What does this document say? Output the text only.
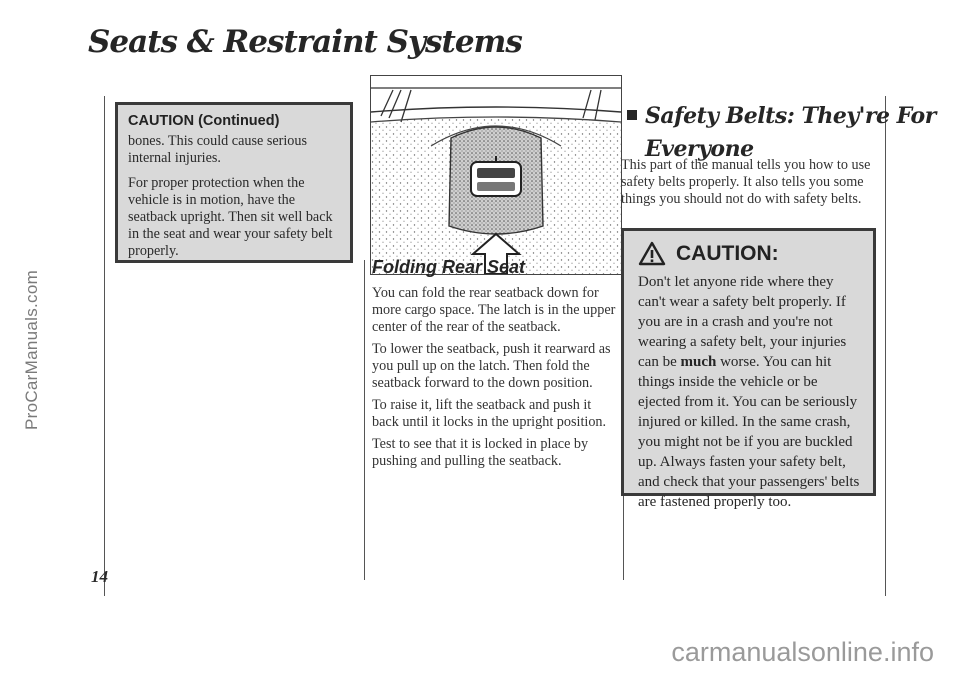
Seats & Restraint Systems
ProCarManuals.com
14
CAUTION (Continued)

bones. This could cause serious internal injuries.

For proper protection when the vehicle is in motion, have the seatback upright. Then sit well back in the seat and wear your safety belt properly.

Folding Rear Seat

You can fold the rear seatback down for more cargo space. The latch is in the upper center of the rear of the seatback.

To lower the seatback, push it rearward as you pull up on the latch. Then fold the seatback forward to the down position.

To raise it, lift the seatback and push it back until it locks in the upright position.

Test to see that it is locked in place by pushing and pulling the seatback.

Safety Belts: They're For
Everyone

This part of the manual tells you how to use safety belts properly. It also tells you some things you should not do with safety belts.

CAUTION:

Don't let anyone ride where they can't wear a safety belt properly. If you are in a crash and you're not wearing a safety belt, your injuries can be much worse. You can hit things inside the vehicle or be ejected from it. You can be seriously injured or killed. In the same crash, you might not be if you are buckled up. Always fasten your safety belt, and check that your passengers' belts are fastened properly too.

carmanualsonline.info
